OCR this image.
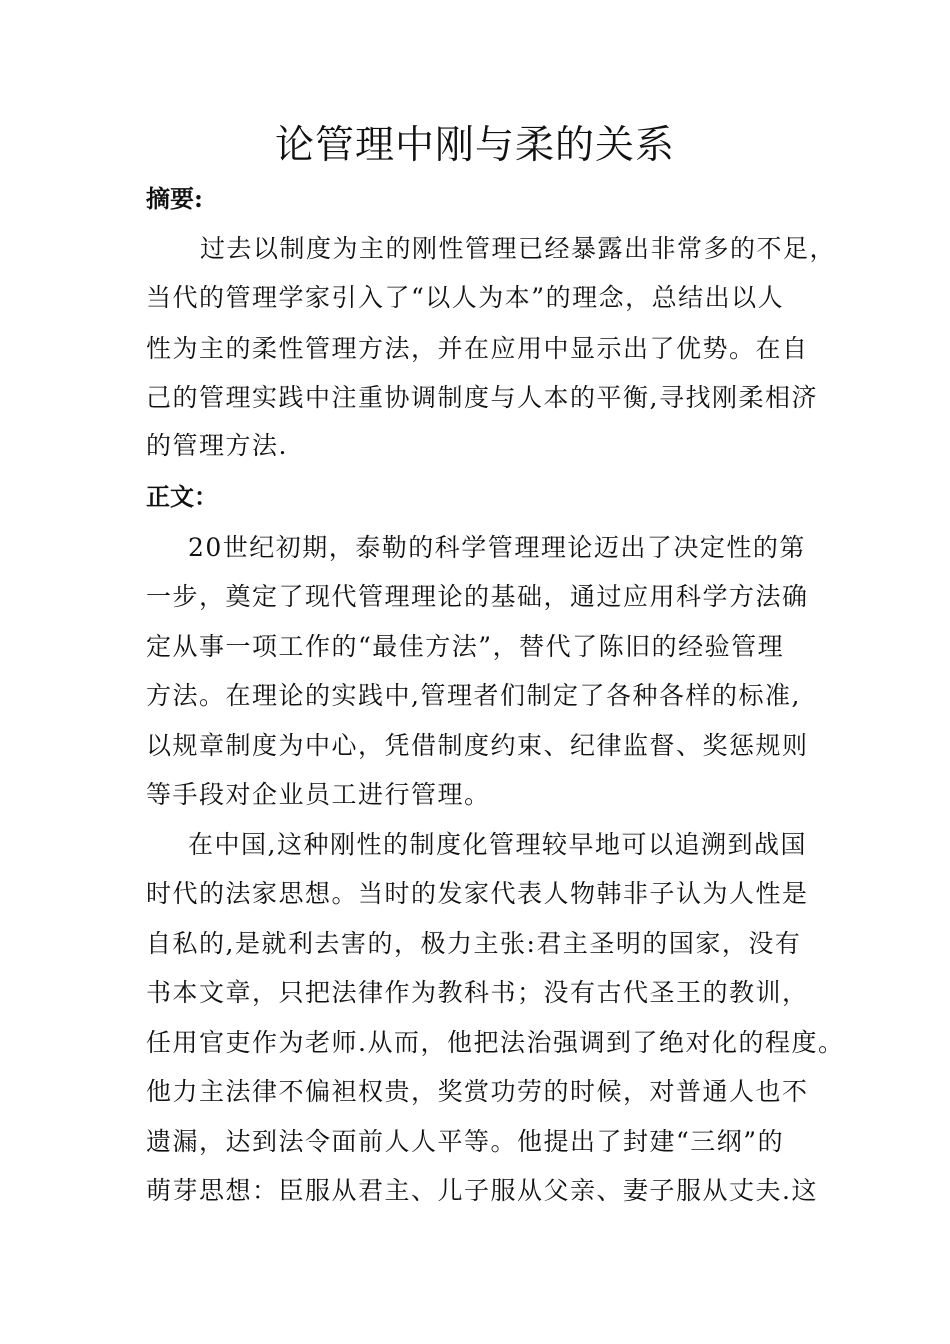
论管理中刚与柔的关系
摘要:
过去以制度为主的刚性管理已经暴露出非常多的不足，
当代的管理学家引入了“以人为本”的理念，总结出以人
性为主的柔性管理方法，并在应用中显示出了优势。在自
己的管理实践中注重协调制度与人本的平衡,寻找刚柔相济
的管理方法.
正文：
20世纪初期，泰勒的科学管理理论迈出了决定性的第
一步，奠定了现代管理理论的基础，通过应用科学方法确
定从事一项工作的“最佳方法”，替代了陈旧的经验管理
方法。在理论的实践中,管理者们制定了各种各样的标准,
以规章制度为中心，凭借制度约束、纪律监督、奖惩规则
等手段对企业员工进行管理。
在中国,这种刚性的制度化管理较早地可以追溯到战国
时代的法家思想。当时的发家代表人物韩非子认为人性是
自私的,是就利去害的，极力主张:君主圣明的国家，没有
书本文章，只把法律作为教科书；没有古代圣王的教训，
任用官吏作为老师.从而，他把法治强调到了绝对化的程度。
他力主法律不偏袒权贵，奖赏功劳的时候，对普通人也不
遗漏，达到法令面前人人平等。他提出了封建“三纲”的
萌芽思想：臣服从君主、儿子服从父亲、妻子服从丈夫.这
